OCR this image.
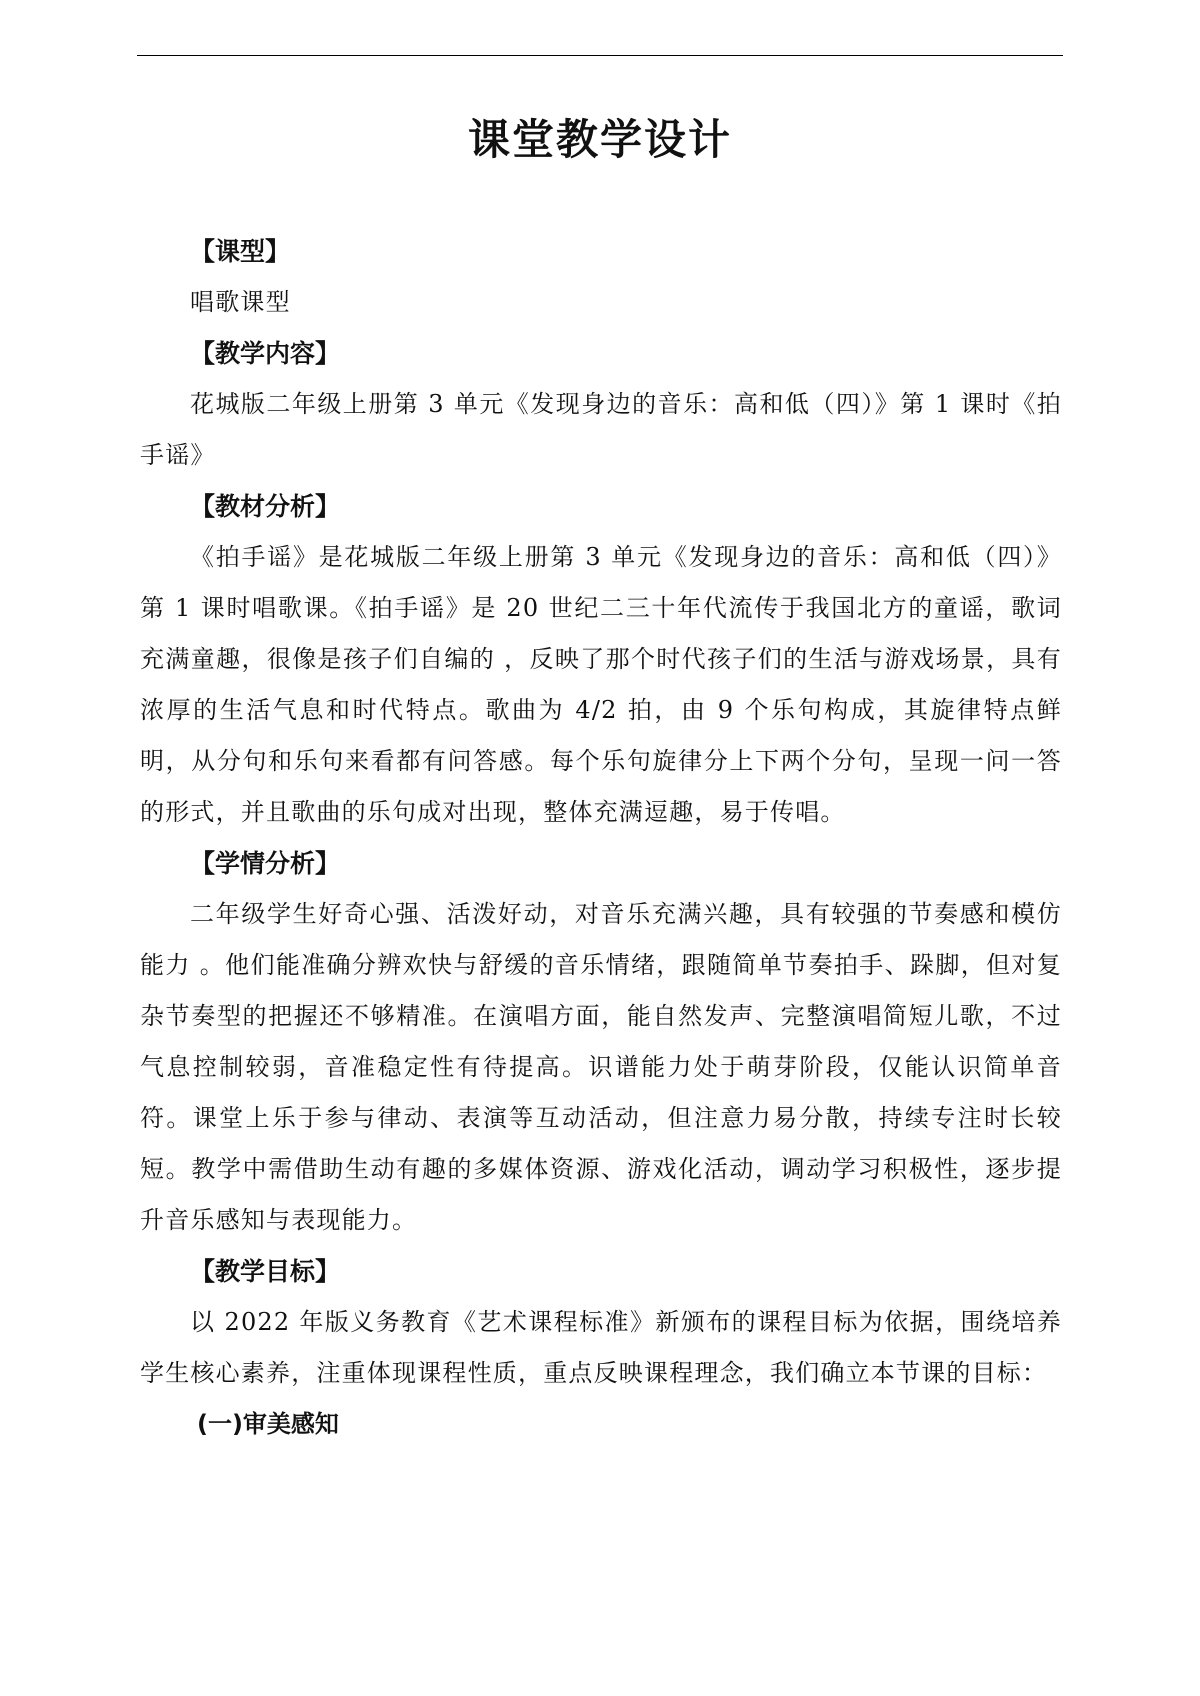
课堂教学设计

【课型】

唱歌课型

【教学内容】

花城版二年级上册第 3 单元《发现身边的音乐：高和低（四）》第 1 课时《拍手谣》

【教材分析】

《拍手谣》是花城版二年级上册第 3 单元《发现身边的音乐：高和低（四）》第 1 课时唱歌课。《拍手谣》是 20 世纪二三十年代流传于我国北方的童谣，歌词充满童趣，很像是孩子们自编的 ，反映了那个时代孩子们的生活与游戏场景，具有浓厚的生活气息和时代特点。歌曲为 4/2 拍，由 9 个乐句构成，其旋律特点鲜明，从分句和乐句来看都有问答感。每个乐句旋律分上下两个分句，呈现一问一答的形式，并且歌曲的乐句成对出现，整体充满逗趣，易于传唱。

【学情分析】

二年级学生好奇心强、活泼好动，对音乐充满兴趣，具有较强的节奏感和模仿能力 。他们能准确分辨欢快与舒缓的音乐情绪，跟随简单节奏拍手、跺脚，但对复杂节奏型的把握还不够精准。在演唱方面，能自然发声、完整演唱简短儿歌，不过气息控制较弱，音准稳定性有待提高。识谱能力处于萌芽阶段，仅能认识简单音符。课堂上乐于参与律动、表演等互动活动，但注意力易分散，持续专注时长较短。教学中需借助生动有趣的多媒体资源、游戏化活动，调动学习积极性，逐步提升音乐感知与表现能力。

【教学目标】

以 2022 年版义务教育《艺术课程标准》新颁布的课程目标为依据，围绕培养学生核心素养，注重体现课程性质，重点反映课程理念，我们确立本节课的目标：

(一)审美感知
